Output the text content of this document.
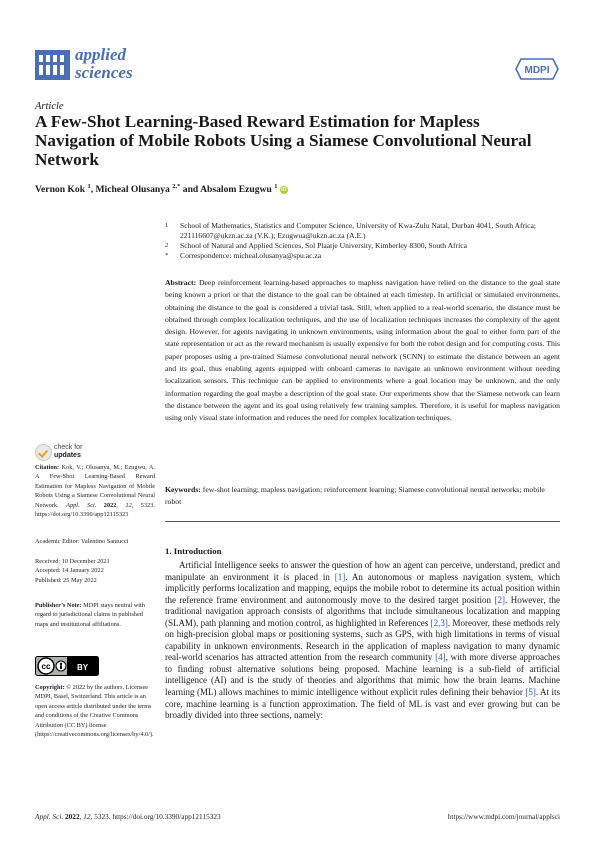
applied
sciences	MDPI
Article
A Few-Shot Learning-Based Reward Estimation for Mapless Navigation of Mobile Robots Using a Siamese Convolutional Neural Network
Vernon Kok $^1$, Micheal Olusanya $^{2,*}$ and Absalom Ezugwu $^1$ iD
1 School of Mathematics, Statistics and Computer Science, University of Kwa-Zulu Natal, Durban 4041, South Africa; 221116607@ukzn.ac.za (V.K.); Ezugwua@ukzn.ac.za (A.E.)
2 School of Natural and Applied Sciences, Sol Plaatje University, Kimberley 8300, South Africa
* Correspondence: micheal.olusanya@spu.ac.za
Abstract: Deep reinforcement learning-based approaches to mapless navigation have relied on the distance to the goal state being known a priori or that the distance to the goal can be obtained at each timestep. In artificial or simulated environments, obtaining the distance to the goal is considered a trivial task. Still, when applied to a real-world scenario, the distance must be obtained through complex localization techniques, and the use of localization techniques increases the complexity of the agent design. However, for agents navigating in unknown environments, using information about the goal to either form part of the state representation or act as the reward mechanism is usually expensive for both the robot design and for computing costs. This paper proposes using a pre-trained Siamese convolutional neural network (SCNN) to estimate the distance between an agent and its goal, thus enabling agents equipped with onboard cameras to navigate an unknown environment without needing localization sensors. This technique can be applied to environments where a goal location may be unknown, and the only information regarding the goal maybe a description of the goal state. Our experiments show that the Siamese network can learn the distance between the agent and its goal using relatively few training samples. Therefore, it is useful for mapless navigation using only visual state information and reduces the need for complex localization techniques.
Keywords: few-shot learning; mapless navigation; reinforcement learning; Siamese convolutional neural networks; mobile robot
check for
updates
Citation: Kok, V.; Olusanya, M.; Ezugwu, A. A Few-Shot Learning-Based Reward Estimation for Mapless Navigation of Mobile Robots Using a Siamese Convolutional Neural Network. Appl. Sci. 2022, 12, 5323. https://doi.org/10.3390/app12115323
Academic Editor: Valentino Santucci
Received: 10 December 2021
Accepted: 14 January 2022
Published: 25 May 2022
Publisher’s Note: MDPI stays neutral with regard to jurisdictional claims in published maps and institutional affiliations.
cc	BY
Copyright: © 2022 by the authors. Licensee MDPI, Basel, Switzerland. This article is an open access article distributed under the terms and conditions of the Creative Commons Attribution (CC BY) license (https://creativecommons.org/licenses/by/4.0/).
1. Introduction

Artificial Intelligence seeks to answer the question of how an agent can perceive, understand, predict and manipulate an environment it is placed in [1]. An autonomous or mapless navigation system, which implicitly performs localization and mapping, equips the mobile robot to determine its actual position within the reference frame environment and autonomously move to the desired target position [2]. However, the traditional navigation approach consists of algorithms that include simultaneous localization and mapping (SLAM), path planning and motion control, as highlighted in References [2,3]. Moreover, these methods rely on high-precision global maps or positioning systems, such as GPS, with high limitations in terms of visual capability in unknown environments. Research in the application of mapless navigation to many dynamic real-world scenarios has attracted attention from the research community [4], with more diverse approaches to finding robust alternative solutions being proposed. Machine learning is a sub-field of artificial intelligence (AI) and is the study of theories and algorithms that mimic how the brain learns. Machine learning (ML) allows machines to mimic intelligence without explicit rules defining their behavior [5]. At its core, machine learning is a function approximation. The field of ML is vast and ever growing but can be broadly divided into three sections, namely:

Appl. Sci. 2022, 12, 5323. https://doi.org/10.3390/app12115323	https://www.mdpi.com/journal/applsci
